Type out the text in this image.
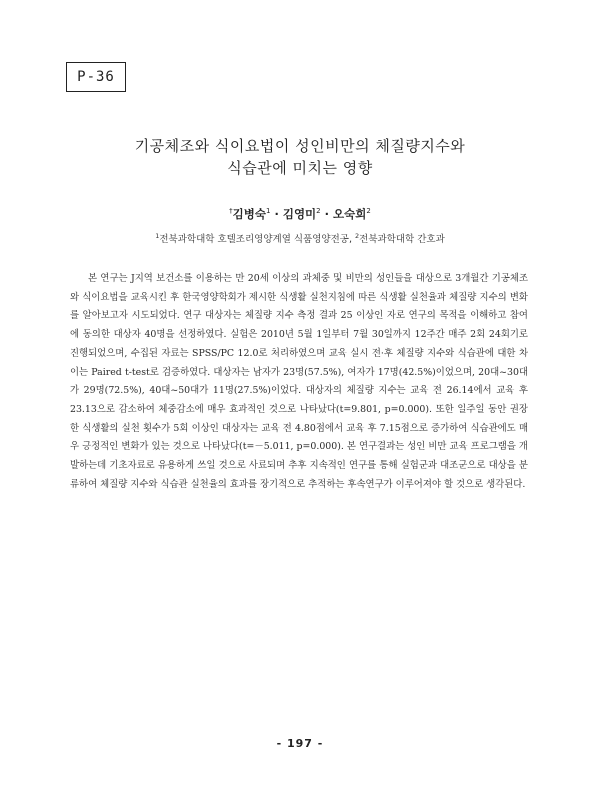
P-36
기공체조와 식이요법이 성인비만의 체질량지수와
식습관에 미치는 영향
†김병숙$^1$ · 김영미$^2$ · 오숙희$^2$
$^1$전북과학대학 호텔조리영양계열 식품영양전공, $^2$전북과학대학 간호과

본 연구는 J지역 보건소를 이용하는 만 20세 이상의 과체중 및 비만의 성인들을 대상으로 3개월간 기공체조와 식이요법을 교육시킨 후 한국영양학회가 제시한 식생활 실천지침에 따른 식생활 실천율과 체질량 지수의 변화를 알아보고자 시도되었다. 연구 대상자는 체질량 지수 측정 결과 25 이상인 자로 연구의 목적을 이해하고 참여에 동의한 대상자 40명을 선정하였다. 실험은 2010년 5월 1일부터 7월 30일까지 12주간 매주 2회 24회기로 진행되었으며, 수집된 자료는 SPSS/PC 12.0로 처리하였으며 교육 실시 전·후 체질량 지수와 식습관에 대한 차이는 Paired t-test로 검증하였다. 대상자는 남자가 23명(57.5%), 여자가 17명(42.5%)이었으며, 20대~30대가 29명(72.5%), 40대~50대가 11명(27.5%)이었다. 대상자의 체질량 지수는 교육 전 26.14에서 교육 후 23.13으로 감소하여 체중감소에 매우 효과적인 것으로 나타났다(t=9.801, p=0.000). 또한 일주일 동안 권장한 식생활의 실천 횟수가 5회 이상인 대상자는 교육 전 4.80점에서 교육 후 7.15점으로 증가하여 식습관에도 매우 긍정적인 변화가 있는 것으로 나타났다(t=－5.011, p=0.000). 본 연구결과는 성인 비만 교육 프로그램을 개발하는데 기초자료로 유용하게 쓰일 것으로 사료되며 추후 지속적인 연구를 통해 실험군과 대조군으로 대상을 분류하여 체질량 지수와 식습관 실천율의 효과를 장기적으로 추적하는 후속연구가 이루어져야 할 것으로 생각된다.

- 197 -
